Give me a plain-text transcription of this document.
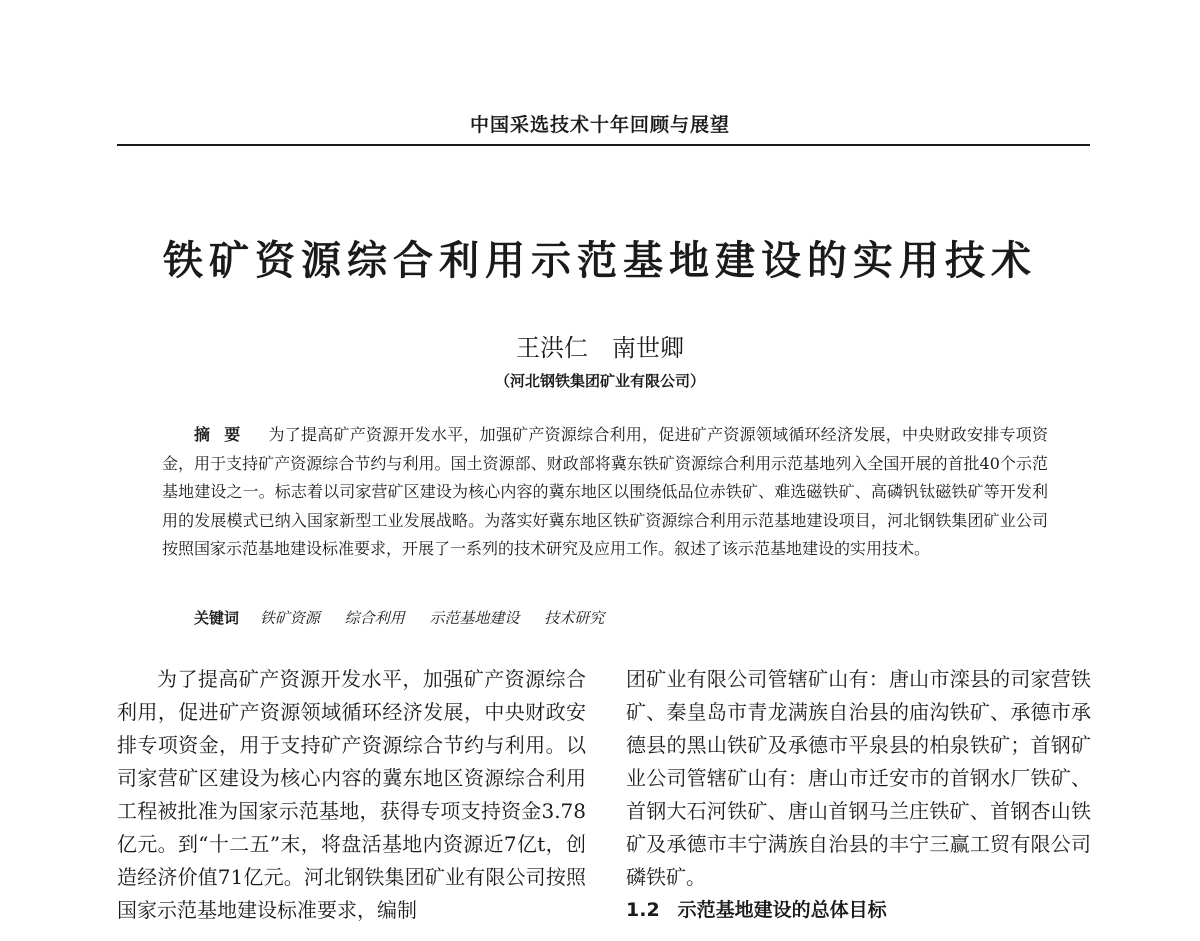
中国采选技术十年回顾与展望
铁矿资源综合利用示范基地建设的实用技术
王洪仁　南世卿
（河北钢铁集团矿业有限公司）
摘要 为了提高矿产资源开发水平，加强矿产资源综合利用，促进矿产资源领域循环经济发展，中央财政安排专项资金，用于支持矿产资源综合节约与利用。国土资源部、财政部将冀东铁矿资源综合利用示范基地列入全国开展的首批40个示范基地建设之一。标志着以司家营矿区建设为核心内容的冀东地区以围绕低品位赤铁矿、难选磁铁矿、高磷钒钛磁铁矿等开发利用的发展模式已纳入国家新型工业发展战略。为落实好冀东地区铁矿资源综合利用示范基地建设项目，河北钢铁集团矿业公司按照国家示范基地建设标准要求，开展了一系列的技术研究及应用工作。叙述了该示范基地建设的实用技术。
关键词 铁矿资源 综合利用 示范基地建设 技术研究

为了提高矿产资源开发水平，加强矿产资源综合利用，促进矿产资源领域循环经济发展，中央财政安排专项资金，用于支持矿产资源综合节约与利用。以司家营矿区建设为核心内容的冀东地区资源综合利用工程被批准为国家示范基地，获得专项支持资金3.78亿元。到“十二五”末，将盘活基地内资源近7亿t，创造经济价值71亿元。河北钢铁集团矿业有限公司按照国家示范基地建设标准要求，编制

团矿业有限公司管辖矿山有：唐山市滦县的司家营铁矿、秦皇岛市青龙满族自治县的庙沟铁矿、承德市承德县的黑山铁矿及承德市平泉县的柏泉铁矿；首钢矿业公司管辖矿山有：唐山市迁安市的首钢水厂铁矿、首钢大石河铁矿、唐山首钢马兰庄铁矿、首钢杏山铁矿及承德市丰宁满族自治县的丰宁三赢工贸有限公司磷铁矿。

1.2 示范基地建设的总体目标
